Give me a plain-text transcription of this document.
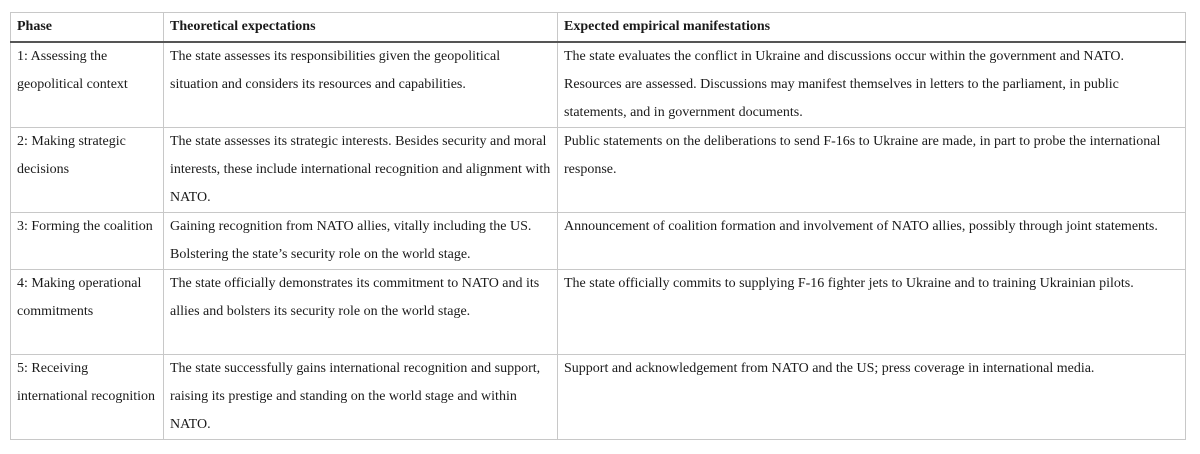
Phase	Theoretical expectations	Expected empirical manifestations
1: Assessing the geopolitical context	The state assesses its responsibilities given the geopolitical situation and considers its resources and capabilities.	The state evaluates the conflict in Ukraine and discussions occur within the government and NATO. Resources are assessed. Discussions may manifest themselves in letters to the parliament, in public statements, and in government documents.
2: Making strategic decisions	The state assesses its strategic interests. Besides security and moral interests, these include international recognition and alignment with NATO.	Public statements on the deliberations to send F-16s to Ukraine are made, in part to probe the international response.
3: Forming the coalition	Gaining recognition from NATO allies, vitally including the US. Bolstering the state’s security role on the world stage.	Announcement of coalition formation and involvement of NATO allies, possibly through joint statements.
4: Making operational commitments	The state officially demonstrates its commitment to NATO and its allies and bolsters its security role on the world stage.	The state officially commits to supplying F-16 fighter jets to Ukraine and to training Ukrainian pilots.
5: Receiving international recognition	The state successfully gains international recognition and support, raising its prestige and standing on the world stage and within NATO.	Support and acknowledgement from NATO and the US; press coverage in international media.
